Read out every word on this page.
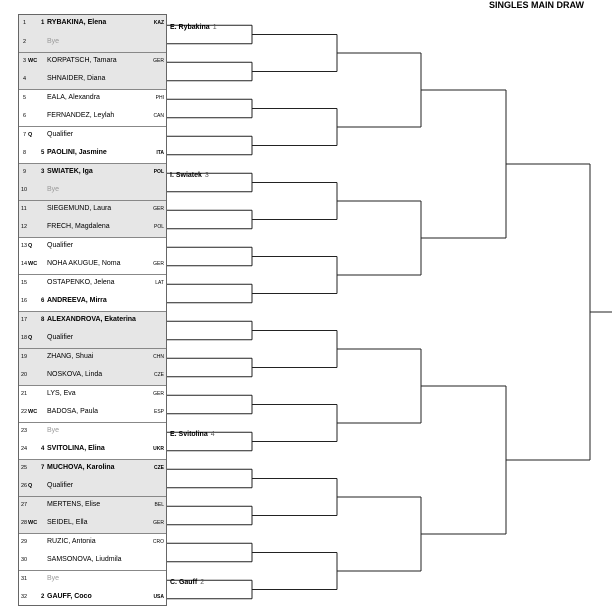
SINGLES MAIN DRAW
1 1 RYBAKINA, Elena	KAZ
2	Bye
3 WC KORPATSCH, Tamara	GER
4	SHNAIDER, Diana
5	EALA, Alexandra	PHI
6	FERNANDEZ, Leylah	CAN
7 Q Qualifier
8 5 PAOLINI, Jasmine	ITA
9 3 SWIATEK, Iga	POL
10	Bye
11	SIEGEMUND, Laura	GER
12	FRECH, Magdalena	POL
13 Q Qualifier
14 WC NOHA AKUGUE, Noma	GER
15	OSTAPENKO, Jelena	LAT
16 6 ANDREEVA, Mirra
17 8 ALEXANDROVA, Ekaterina
18 Q Qualifier
19	ZHANG, Shuai	CHN
20	NOSKOVA, Linda	CZE
21	LYS, Eva	GER
22 WC BADOSA, Paula	ESP
23	Bye
24 4 SVITOLINA, Elina	UKR
25 7 MUCHOVA, Karolina	CZE
26 Q Qualifier
27	MERTENS, Elise	BEL
28 WC SEIDEL, Ella	GER
29	RUZIC, Antonia	CRO
30	SAMSONOVA, Liudmila
31	Bye
32 2 GAUFF, Coco	USA
E. Rybakina 1
I. Swiatek 3
E. Svitolina 4
C. Gauff 2
